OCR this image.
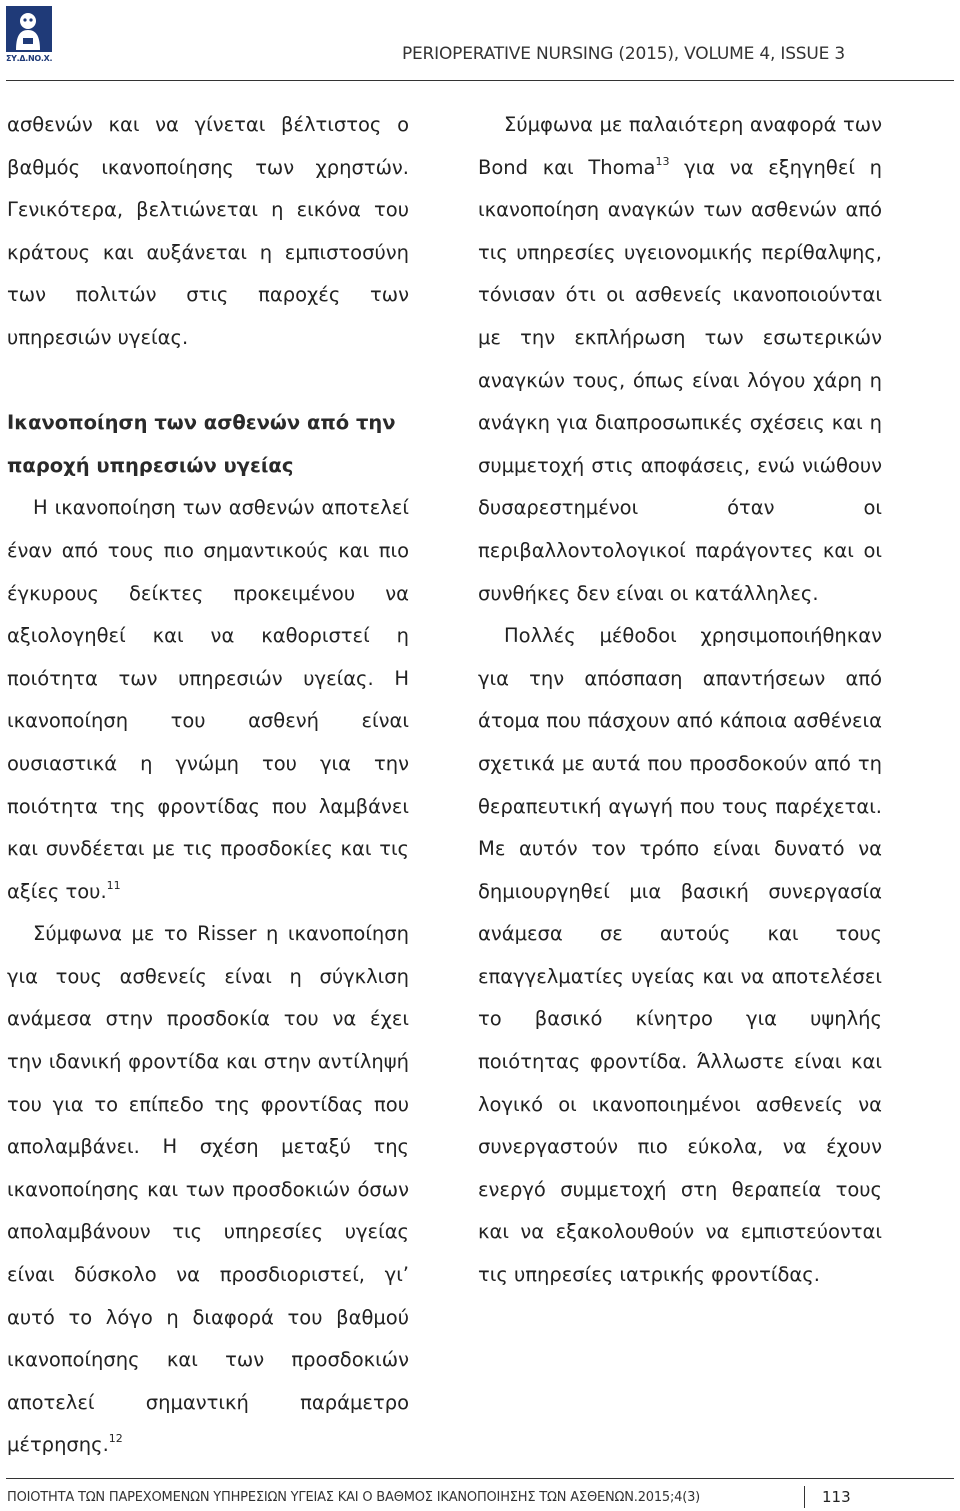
ΣΥ.Δ.ΝΟ.Χ.	PERIOPERATIVE NURSING (2015), VOLUME 4, ISSUE 3

ασθενών και να γίνεται βέλτιστος ο βαθμός ικανοποίησης των χρηστών. Γενικότερα, βελτιώνεται η εικόνα του κράτους και αυξάνεται η εμπιστοσύνη των πολιτών στις παροχές των υπηρεσιών υγείας.

Ικανοποίηση των ασθενών από την παροχή υπηρεσιών υγείας

Η ικανοποίηση των ασθενών αποτελεί έναν από τους πιο σημαντικούς και πιο έγκυρους δείκτες προκειμένου να αξιολογηθεί και να καθοριστεί η ποιότητα των υπηρεσιών υγείας. Η ικανοποίηση του ασθενή είναι ουσιαστικά η γνώμη του για την ποιότητα της φροντίδας που λαμβάνει και συνδέεται με τις προσδοκίες και τις αξίες του.$^{11}$

Σύμφωνα με το Risser η ικανοποίηση για τους ασθενείς είναι η σύγκλιση ανάμεσα στην προσδοκία του να έχει την ιδανική φροντίδα και στην αντίληψή του για το επίπεδο της φροντίδας που απολαμβάνει. Η σχέση μεταξύ της ικανοποίησης και των προσδοκιών όσων απολαμβάνουν τις υπηρεσίες υγείας είναι δύσκολο να προσδιοριστεί, γι’ αυτό το λόγο η διαφορά του βαθμού ικανοποίησης και των προσδοκιών αποτελεί σημαντική παράμετρο μέτρησης.$^{12}$

Σύμφωνα με παλαιότερη αναφορά των Bond και Thoma$^{13}$ για να εξηγηθεί η ικανοποίηση αναγκών των ασθενών από τις υπηρεσίες υγειονομικής περίθαλψης, τόνισαν ότι οι ασθενείς ικανοποιούνται με την εκπλήρωση των εσωτερικών αναγκών τους, όπως είναι λόγου χάρη η ανάγκη για διαπροσωπικές σχέσεις και η συμμετοχή στις αποφάσεις, ενώ νιώθουν δυσαρεστημένοι όταν οι περιβαλλοντολογικοί παράγοντες και οι συνθήκες δεν είναι οι κατάλληλες.

Πολλές μέθοδοι χρησιμοποιήθηκαν για την απόσπαση απαντήσεων από άτομα που πάσχουν από κάποια ασθένεια σχετικά με αυτά που προσδοκούν από τη θεραπευτική αγωγή που τους παρέχεται. Με αυτόν τον τρόπο είναι δυνατό να δημιουργηθεί μια βασική συνεργασία ανάμεσα σε αυτούς και τους επαγγελματίες υγείας και να αποτελέσει το βασικό κίνητρο για υψηλής ποιότητας φροντίδα. Άλλωστε είναι και λογικό οι ικανοποιημένοι ασθενείς να συνεργαστούν πιο εύκολα, να έχουν ενεργό συμμετοχή στη θεραπεία τους και να εξακολουθούν να εμπιστεύονται τις υπηρεσίες ιατρικής φροντίδας.

ΠΟΙΟΤΗΤΑ ΤΩΝ ΠΑΡΕΧΟΜΕΝΩΝ ΥΠΗΡΕΣΙΩΝ ΥΓΕΙΑΣ ΚΑΙ Ο ΒΑΘΜΟΣ ΙΚΑΝΟΠΟΙΗΣΗΣ ΤΩΝ ΑΣΘΕΝΩΝ.2015;4(3)	113
